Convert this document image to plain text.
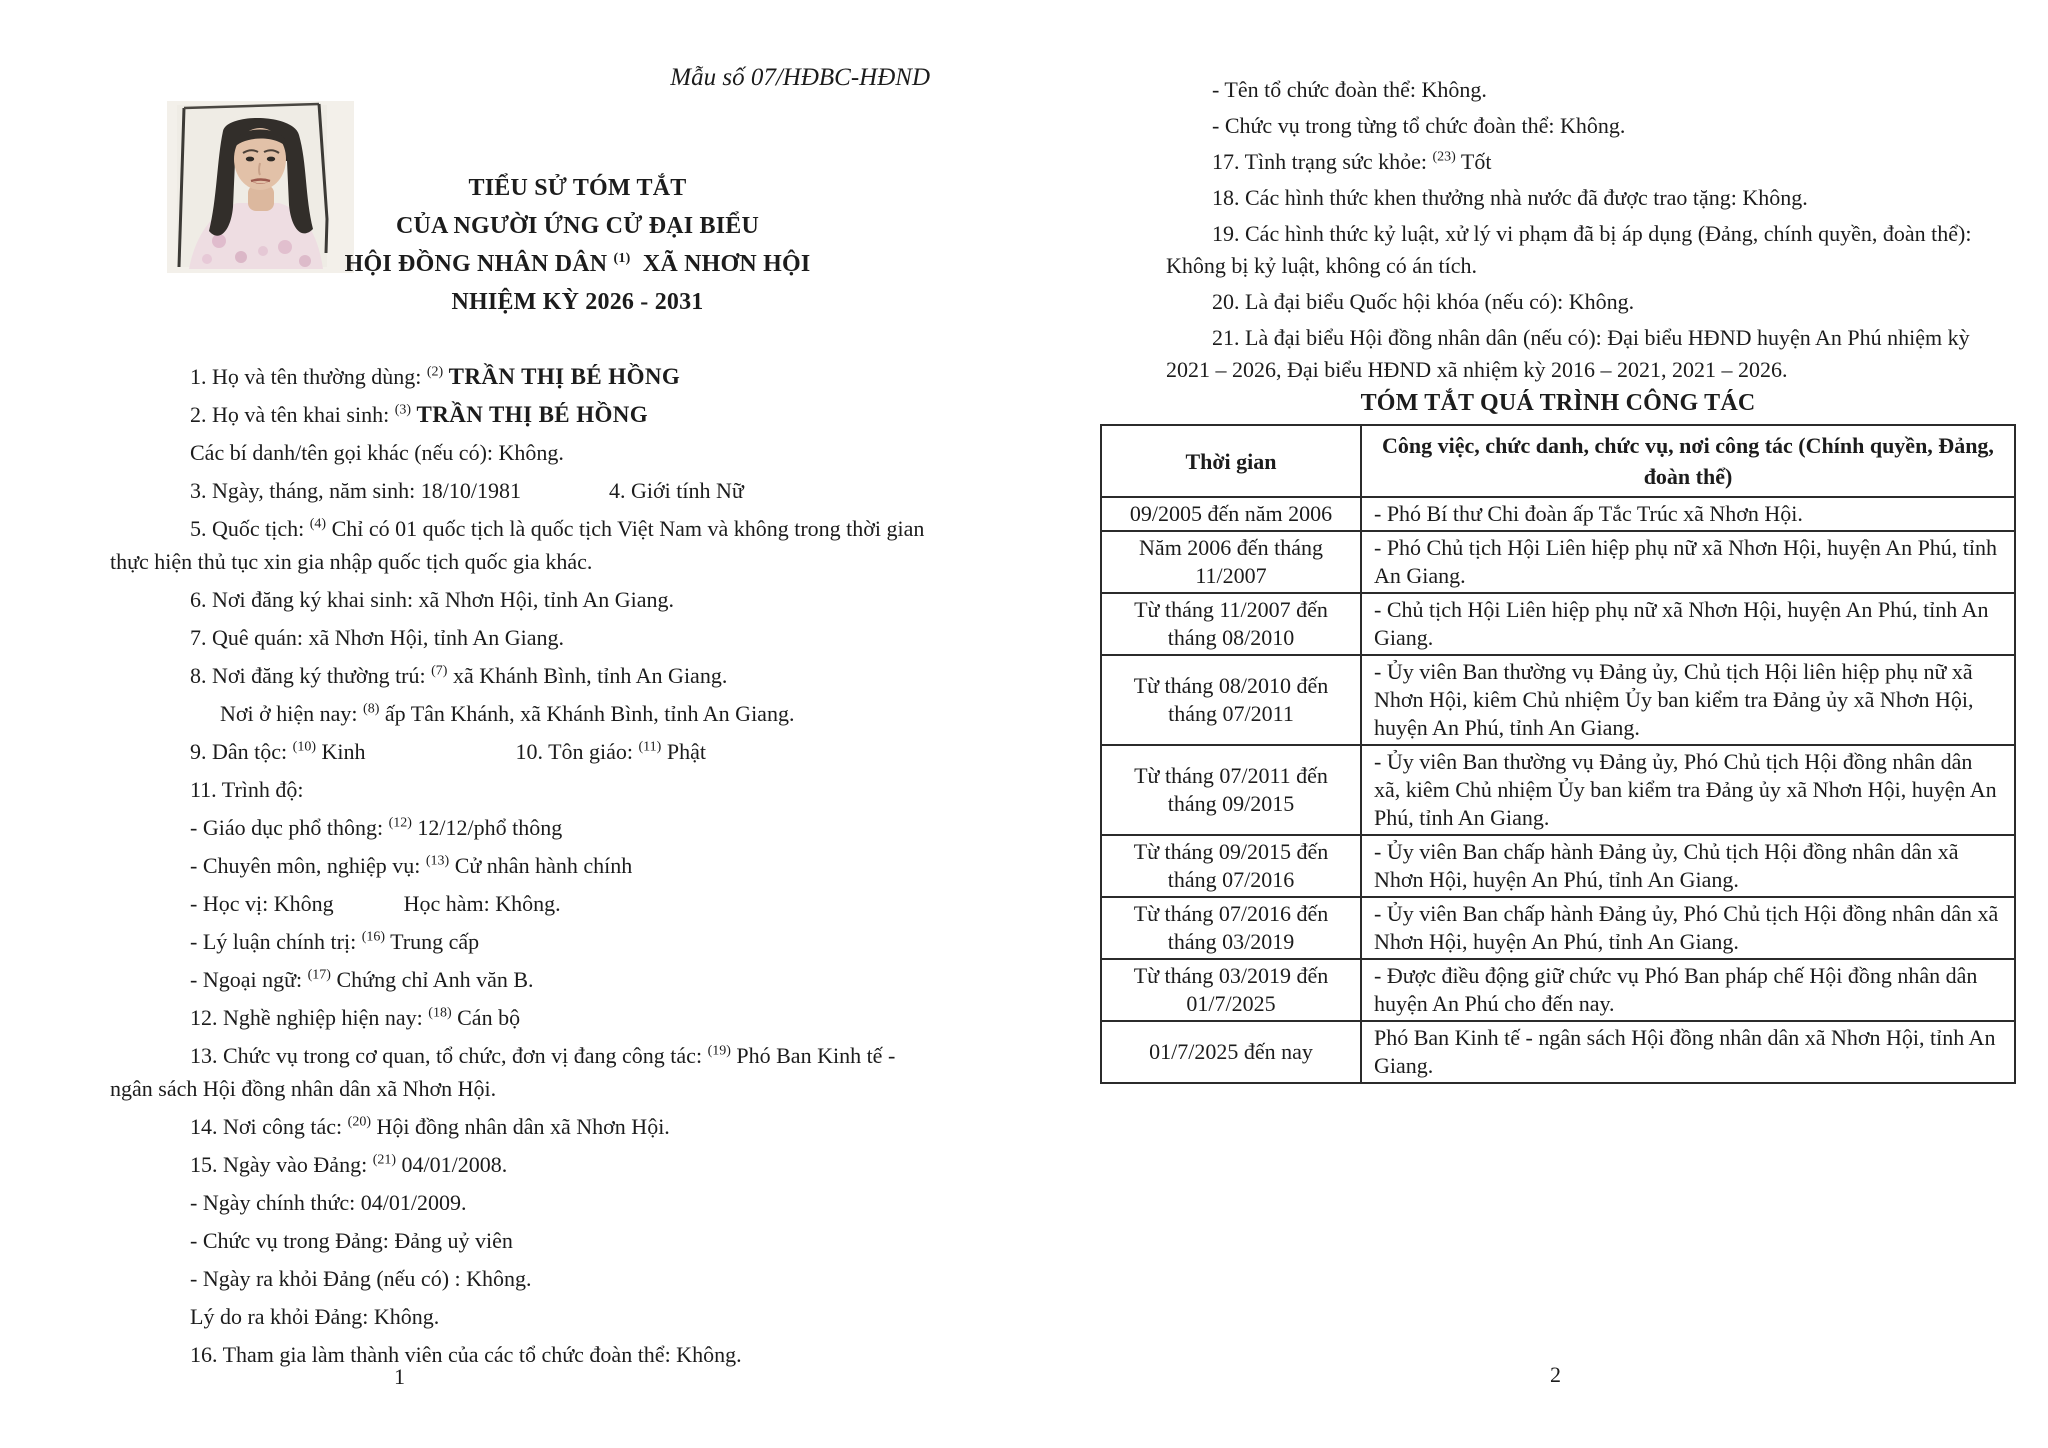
Mẫu số 07/HĐBC-HĐND
TIỂU SỬ TÓM TẮT
CỦA NGƯỜI ỨNG CỬ ĐẠI BIỂU
HỘI ĐỒNG NHÂN DÂN $^{(1)}$  XÃ NHƠN HỘI
NHIỆM KỲ 2026 - 2031
1. Họ và tên thường dùng: $^{(2)}$ TRẦN THỊ BÉ HỒNG
2. Họ và tên khai sinh: $^{(3)}$ TRẦN THỊ BÉ HỒNG
Các bí danh/tên gọi khác (nếu có): Không.
3. Ngày, tháng, năm sinh: 18/10/1981	4. Giới tính Nữ
5. Quốc tịch: $^{(4)}$ Chỉ có 01 quốc tịch là quốc tịch Việt Nam và không trong thời gian thực hiện thủ tục xin gia nhập quốc tịch quốc gia khác.
6. Nơi đăng ký khai sinh: xã Nhơn Hội, tỉnh An Giang.
7. Quê quán: xã Nhơn Hội, tỉnh An Giang.
8. Nơi đăng ký thường trú: $^{(7)}$ xã Khánh Bình, tỉnh An Giang.
Nơi ở hiện nay: $^{(8)}$ ấp Tân Khánh, xã Khánh Bình, tỉnh An Giang.
9. Dân tộc: $^{(10)}$ Kinh	10. Tôn giáo: $^{(11)}$ Phật
11. Trình độ:
- Giáo dục phổ thông: $^{(12)}$ 12/12/phổ thông
- Chuyên môn, nghiệp vụ: $^{(13)}$ Cử nhân hành chính
- Học vị: Không	Học hàm: Không.
- Lý luận chính trị: $^{(16)}$ Trung cấp
- Ngoại ngữ: $^{(17)}$ Chứng chỉ Anh văn B.
12. Nghề nghiệp hiện nay: $^{(18)}$ Cán bộ
13. Chức vụ trong cơ quan, tổ chức, đơn vị đang công tác: $^{(19)}$ Phó Ban Kinh tế - ngân sách Hội đồng nhân dân xã Nhơn Hội.
14. Nơi công tác: $^{(20)}$ Hội đồng nhân dân xã Nhơn Hội.
15. Ngày vào Đảng: $^{(21)}$ 04/01/2008.
- Ngày chính thức: 04/01/2009.
- Chức vụ trong Đảng: Đảng uỷ viên
- Ngày ra khỏi Đảng (nếu có) : Không.
Lý do ra khỏi Đảng: Không.
16. Tham gia làm thành viên của các tổ chức đoàn thể: Không.
1
- Tên tổ chức đoàn thể: Không.
- Chức vụ trong từng tổ chức đoàn thể: Không.
17. Tình trạng sức khỏe: $^{(23)}$ Tốt
18. Các hình thức khen thưởng nhà nước đã được trao tặng: Không.
19. Các hình thức kỷ luật, xử lý vi phạm đã bị áp dụng (Đảng, chính quyền, đoàn thể): Không bị kỷ luật, không có án tích.
20. Là đại biểu Quốc hội khóa (nếu có): Không.
21. Là đại biểu Hội đồng nhân dân (nếu có): Đại biểu HĐND huyện An Phú nhiệm kỳ 2021 – 2026, Đại biểu HĐND xã nhiệm kỳ 2016 – 2021, 2021 – 2026.
TÓM TẮT QUÁ TRÌNH CÔNG TÁC
Thời gian	Công việc, chức danh, chức vụ, nơi công tác (Chính quyền, Đảng, đoàn thể)
09/2005 đến năm 2006	- Phó Bí thư Chi đoàn ấp Tắc Trúc xã Nhơn Hội.
Năm 2006 đến tháng 11/2007	- Phó Chủ tịch Hội Liên hiệp phụ nữ xã Nhơn Hội, huyện An Phú, tỉnh An Giang.
Từ tháng 11/2007 đến tháng 08/2010	- Chủ tịch Hội Liên hiệp phụ nữ xã Nhơn Hội, huyện An Phú, tỉnh An Giang.
Từ tháng 08/2010 đến tháng 07/2011	- Ủy viên Ban thường vụ Đảng ủy, Chủ tịch Hội liên hiệp phụ nữ xã Nhơn Hội, kiêm Chủ nhiệm Ủy ban kiểm tra Đảng ủy xã Nhơn Hội, huyện An Phú, tỉnh An Giang.
Từ tháng 07/2011 đến tháng 09/2015	- Ủy viên Ban thường vụ Đảng ủy, Phó Chủ tịch Hội đồng nhân dân xã, kiêm Chủ nhiệm Ủy ban kiểm tra Đảng ủy xã Nhơn Hội, huyện An Phú, tỉnh An Giang.
Từ tháng 09/2015 đến tháng 07/2016	- Ủy viên Ban chấp hành Đảng ủy, Chủ tịch Hội đồng nhân dân xã Nhơn Hội, huyện An Phú, tỉnh An Giang.
Từ tháng 07/2016 đến tháng 03/2019	- Ủy viên Ban chấp hành Đảng ủy, Phó Chủ tịch Hội đồng nhân dân xã Nhơn Hội, huyện An Phú, tỉnh An Giang.
Từ tháng 03/2019 đến 01/7/2025	- Được điều động giữ chức vụ Phó Ban pháp chế Hội đồng nhân dân huyện An Phú cho đến nay.
01/7/2025 đến nay	Phó Ban Kinh tế - ngân sách Hội đồng nhân dân xã Nhơn Hội, tỉnh An Giang.
2
